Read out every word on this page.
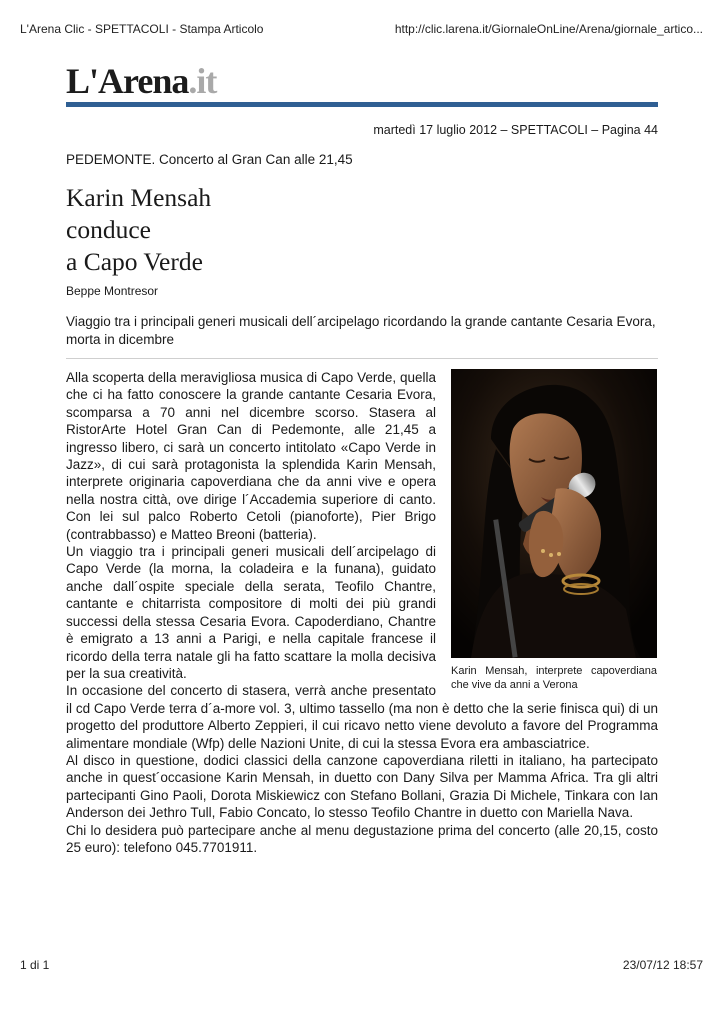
L'Arena Clic - SPETTACOLI - Stampa Articolo	http://clic.larena.it/GiornaleOnLine/Arena/giornale_artico...
L'Arena.it
martedì 17 luglio 2012 – SPETTACOLI – Pagina 44
PEDEMONTE. Concerto al Gran Can alle 21,45
Karin Mensah
conduce
a Capo Verde
Beppe Montresor
Viaggio tra i principali generi musicali dell´arcipelago ricordando la grande cantante Cesaria Evora, morta in dicembre
Karin Mensah, interprete capoverdiana che vive da anni a Verona

Alla scoperta della meravigliosa musica di Capo Verde, quella che ci ha fatto conoscere la grande cantante Cesaria Evora, scomparsa a 70 anni nel dicembre scorso. Stasera al RistorArte Hotel Gran Can di Pedemonte, alle 21,45 a ingresso libero, ci sarà un concerto intitolato «Capo Verde in Jazz», di cui sarà protagonista la splendida Karin Mensah, interprete originaria capoverdiana che da anni vive e opera nella nostra città, ove dirige l´Accademia superiore di canto. Con lei sul palco Roberto Cetoli (pianoforte), Pier Brigo (contrabbasso) e Matteo Breoni (batteria).

Un viaggio tra i principali generi musicali dell´arcipelago di Capo Verde (la morna, la coladeira e la funana), guidato anche dall´ospite speciale della serata, Teofilo Chantre, cantante e chitarrista compositore di molti dei più grandi successi della stessa Cesaria Evora. Capoderdiano, Chantre è emigrato a 13 anni a Parigi, e nella capitale francese il ricordo della terra natale gli ha fatto scattare la molla decisiva per la sua creatività.

In occasione del concerto di stasera, verrà anche presentato il cd Capo Verde terra d´a-more vol. 3, ultimo tassello (ma non è detto che la serie finisca qui) di un progetto del produttore Alberto Zeppieri, il cui ricavo netto viene devoluto a favore del Programma alimentare mondiale (Wfp) delle Nazioni Unite, di cui la stessa Evora era ambasciatrice.

Al disco in questione, dodici classici della canzone capoverdiana riletti in italiano, ha partecipato anche in quest´occasione Karin Mensah, in duetto con Dany Silva per Mamma Africa. Tra gli altri partecipanti Gino Paoli, Dorota Miskiewicz con Stefano Bollani, Grazia Di Michele, Tinkara con Ian Anderson dei Jethro Tull, Fabio Concato, lo stesso Teofilo Chantre in duetto con Mariella Nava.

Chi lo desidera può partecipare anche al menu degustazione prima del concerto (alle 20,15, costo 25 euro): telefono 045.7701911.

1 di 1	23/07/12 18:57
